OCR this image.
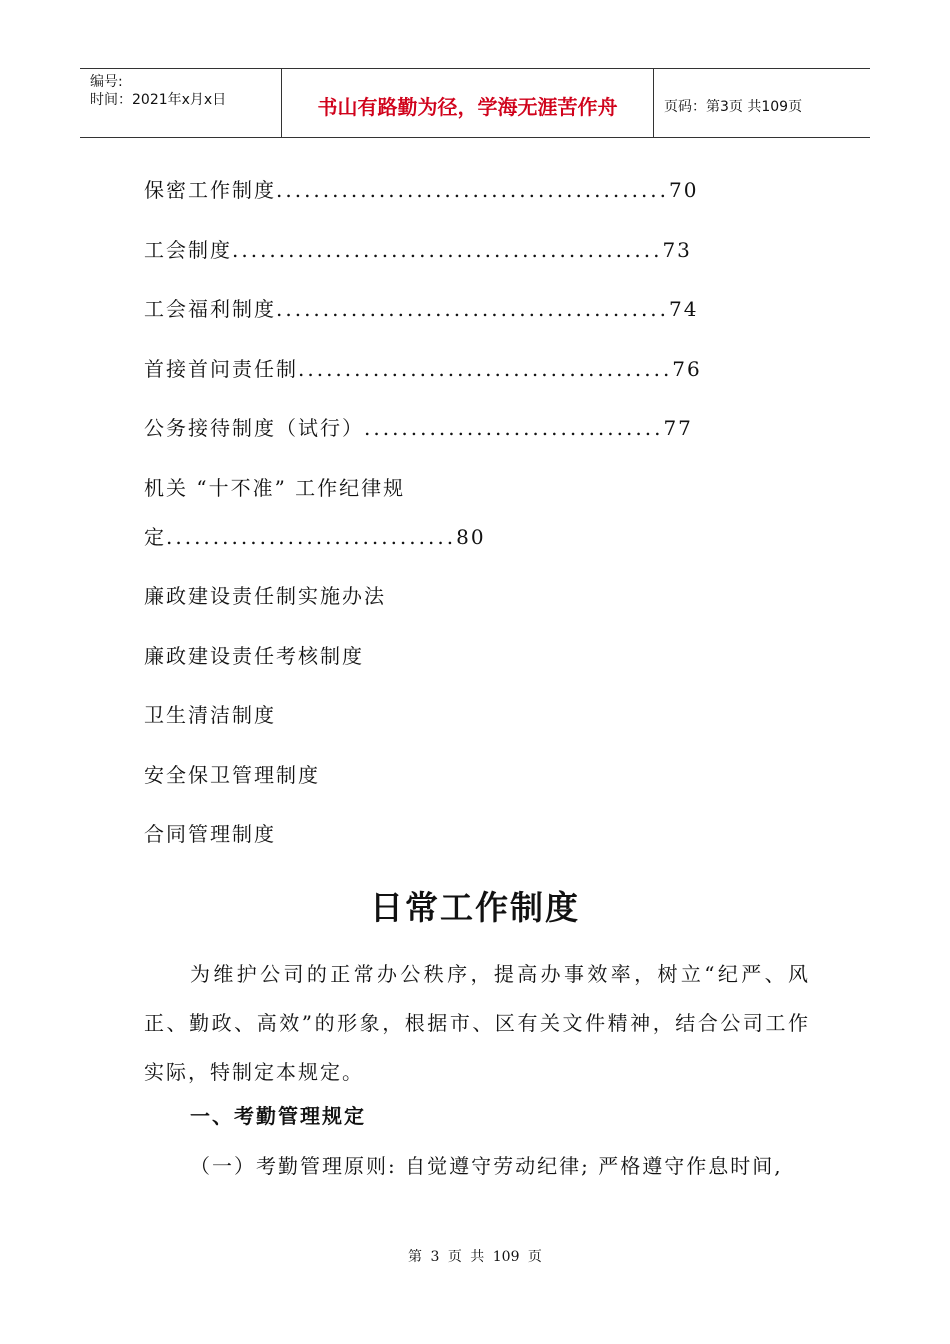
编号:
时间：2021年x月x日	书山有路勤为径，学海无涯苦作舟	页码：第3页 共109页
保密工作制度..........................................70
工会制度..............................................73
工会福利制度..........................................74
首接首问责任制........................................76
公务接待制度（试行）................................77
机关 “十不准” 工作纪律规
定...............................80
廉政建设责任制实施办法
廉政建设责任考核制度
卫生清洁制度
安全保卫管理制度
合同管理制度
日常工作制度
为维护公司的正常办公秩序，提高办事效率，树立“纪严、风正、勤政、高效”的形象，根据市、区有关文件精神，结合公司工作实际，特制定本规定。
一、考勤管理规定
（一）考勤管理原则: 自觉遵守劳动纪律; 严格遵守作息时间,
第 3 页 共 109 页
